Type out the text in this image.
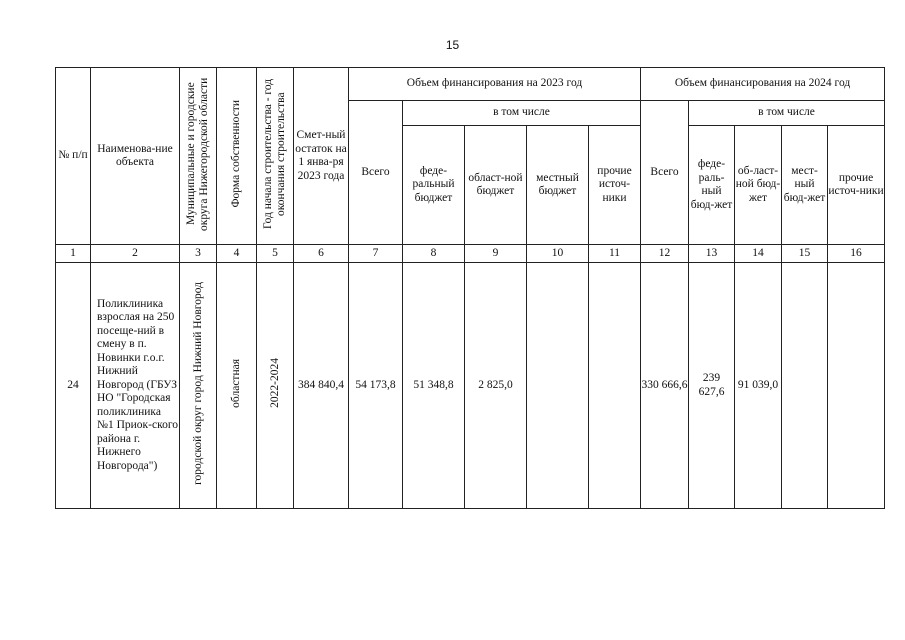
15
№ п/п	Наименова-ние объекта	Муниципальные и городские округа Нижегородской области	Форма собственности	Год начала строительства - год окончания строительства	Смет-ный остаток на 1 янва-ря 2023 года	Объем финансирования на 2023 год					Объем финансирования на 2024 год				
						Всего	в том числе				Всего	в том числе			
							феде-ральный бюджет	област-ной бюджет	местный бюджет	прочие источ-ники		феде-раль-ный бюд-жет	об-ласт-ной бюд-жет	мест-ный бюд-жет	прочие источ-ники
1	2	3	4	5	6	7	8	9	10	11	12	13	14	15	16
24	Поликлиника взрослая на 250 посеще-ний в смену в п. Новинки г.о.г. Нижний Новгород (ГБУЗ НО "Городская поликлиника №1 Приок-ского района г. Нижнего Новгорода")	городской округ город Нижний Новгород	областная	2022-2024	384 840,4	54 173,8	51 348,8	2 825,0			330 666,6	239 627,6	91 039,0		
